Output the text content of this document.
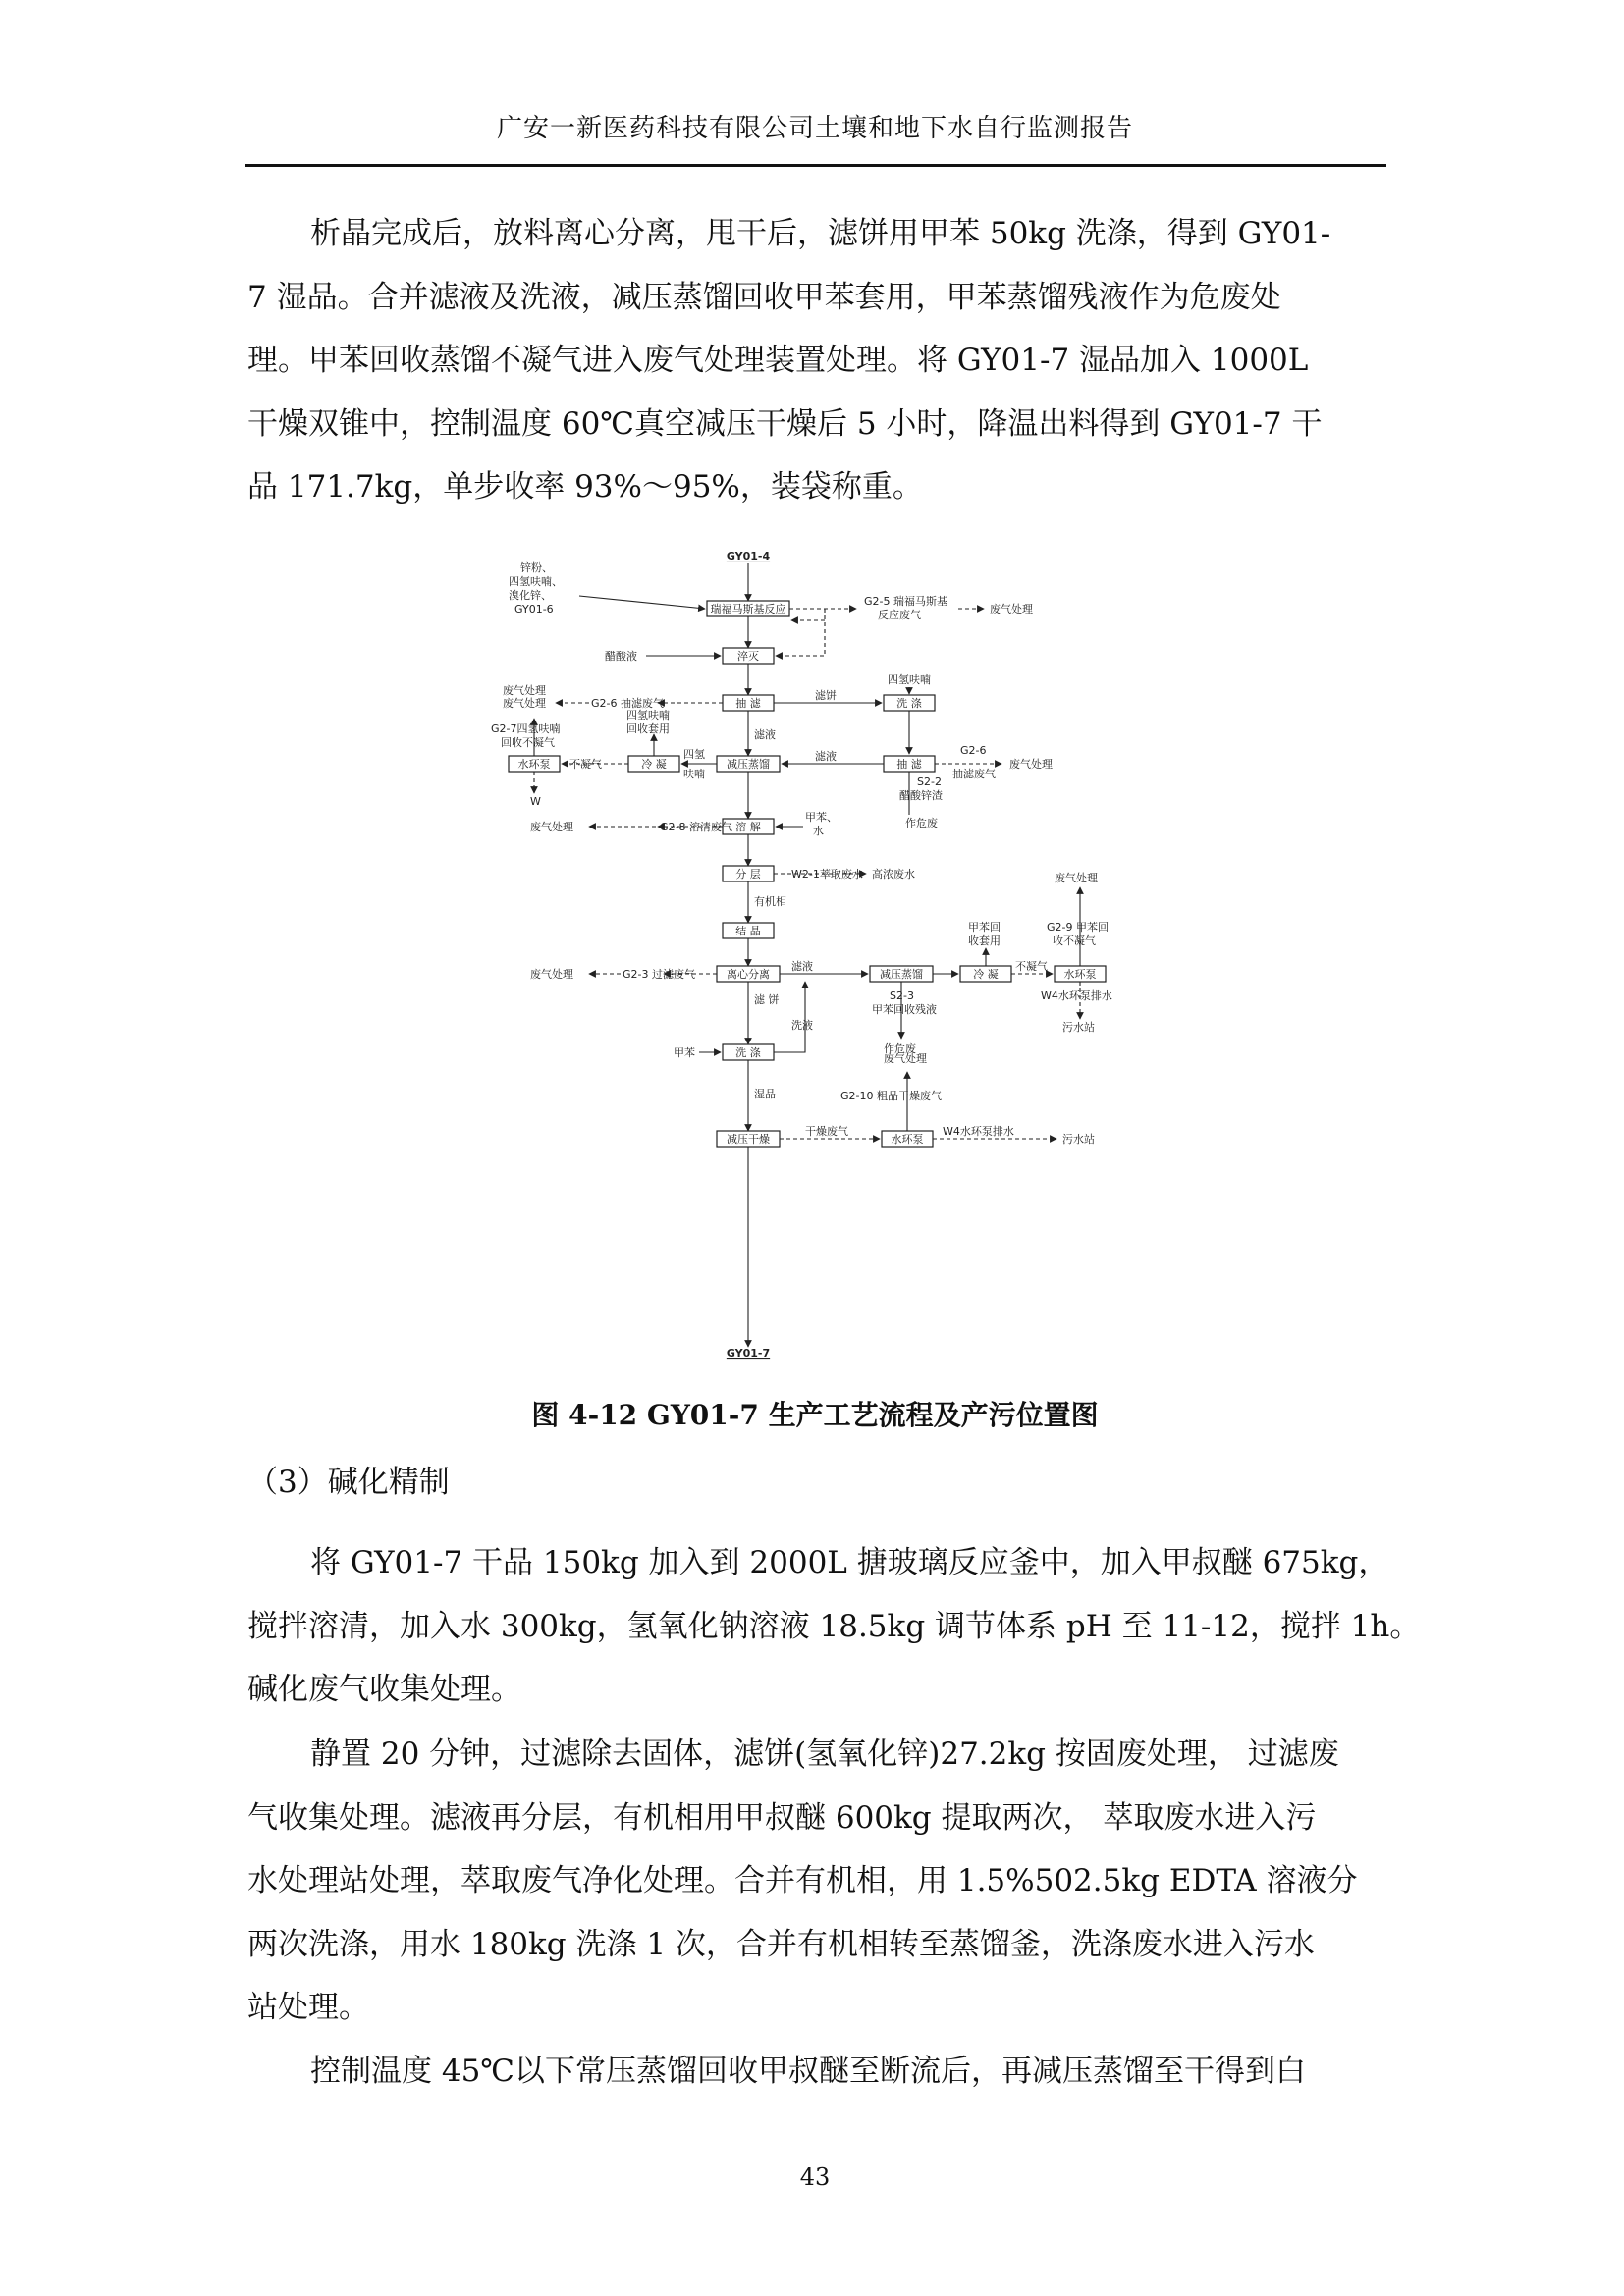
广安一新医药科技有限公司土壤和地下水自行监测报告
析晶完成后，放料离心分离，甩干后，滤饼用甲苯 50kg 洗涤，得到 GY01-
7 湿品。合并滤液及洗液，减压蒸馏回收甲苯套用，甲苯蒸馏残液作为危废处
理。甲苯回收蒸馏不凝气进入废气处理装置处理。将 GY01-7 湿品加入 1000L
干燥双锥中，控制温度 60℃真空减压干燥后 5 小时，降温出料得到 GY01-7 干
品 171.7kg，单步收率 93%～95%，装袋称重。
GY01-4
GY01-7
瑞福马斯基反应
淬灭
抽 滤	洗 涤
抽 滤
减压蒸馏
冷 凝
水环泵
溶 解
分 层
结 晶
离心分离	减压蒸馏	冷 凝	水环泵
洗 涤
减压干燥	水环泵
锌粉、
四氢呋喃、
溴化锌、
GY01-6
G2-5 瑞福马斯基
反应废气	废气处理
醋酸液
G2-6 抽滤废气
废气处理
滤饼
四氢呋喃
滤液
滤液	G2-6
抽滤废气
废气处理
S2-2
醋酸锌渣
作危废
四氢
呋喃
四氢呋喃
回收套用
不凝气
废气处理
G2-7四氢呋喃
回收不凝气
W
甲苯、
水
G2-8 溶清废气
废气处理
W2-1萃取废水 高浓废水
有机相
G2-3 过滤废气
废气处理
滤液
甲苯回
收套用
不凝气
废气处理
G2-9 甲苯回
收不凝气
W4水环泵排水
污水站
S2-3
甲苯回收残液
作危废
滤 饼
洗液
甲苯
湿品
干燥废气
废气处理
G2-10 粗品干燥废气
W4水环泵排水
污水站
图 4-12 GY01-7 生产工艺流程及产污位置图
（3）碱化精制
将 GY01-7 干品 150kg 加入到 2000L 搪玻璃反应釜中，加入甲叔醚 675kg，
搅拌溶清，加入水 300kg，氢氧化钠溶液 18.5kg 调节体系 pH 至 11-12，搅拌 1h。
碱化废气收集处理。
静置 20 分钟，过滤除去固体，滤饼(氢氧化锌)27.2kg 按固废处理， 过滤废
气收集处理。滤液再分层，有机相用甲叔醚 600kg 提取两次， 萃取废水进入污
水处理站处理，萃取废气净化处理。合并有机相，用 1.5%502.5kg EDTA 溶液分
两次洗涤，用水 180kg 洗涤 1 次，合并有机相转至蒸馏釜，洗涤废水进入污水
站处理。
控制温度 45℃以下常压蒸馏回收甲叔醚至断流后，再减压蒸馏至干得到白
43
